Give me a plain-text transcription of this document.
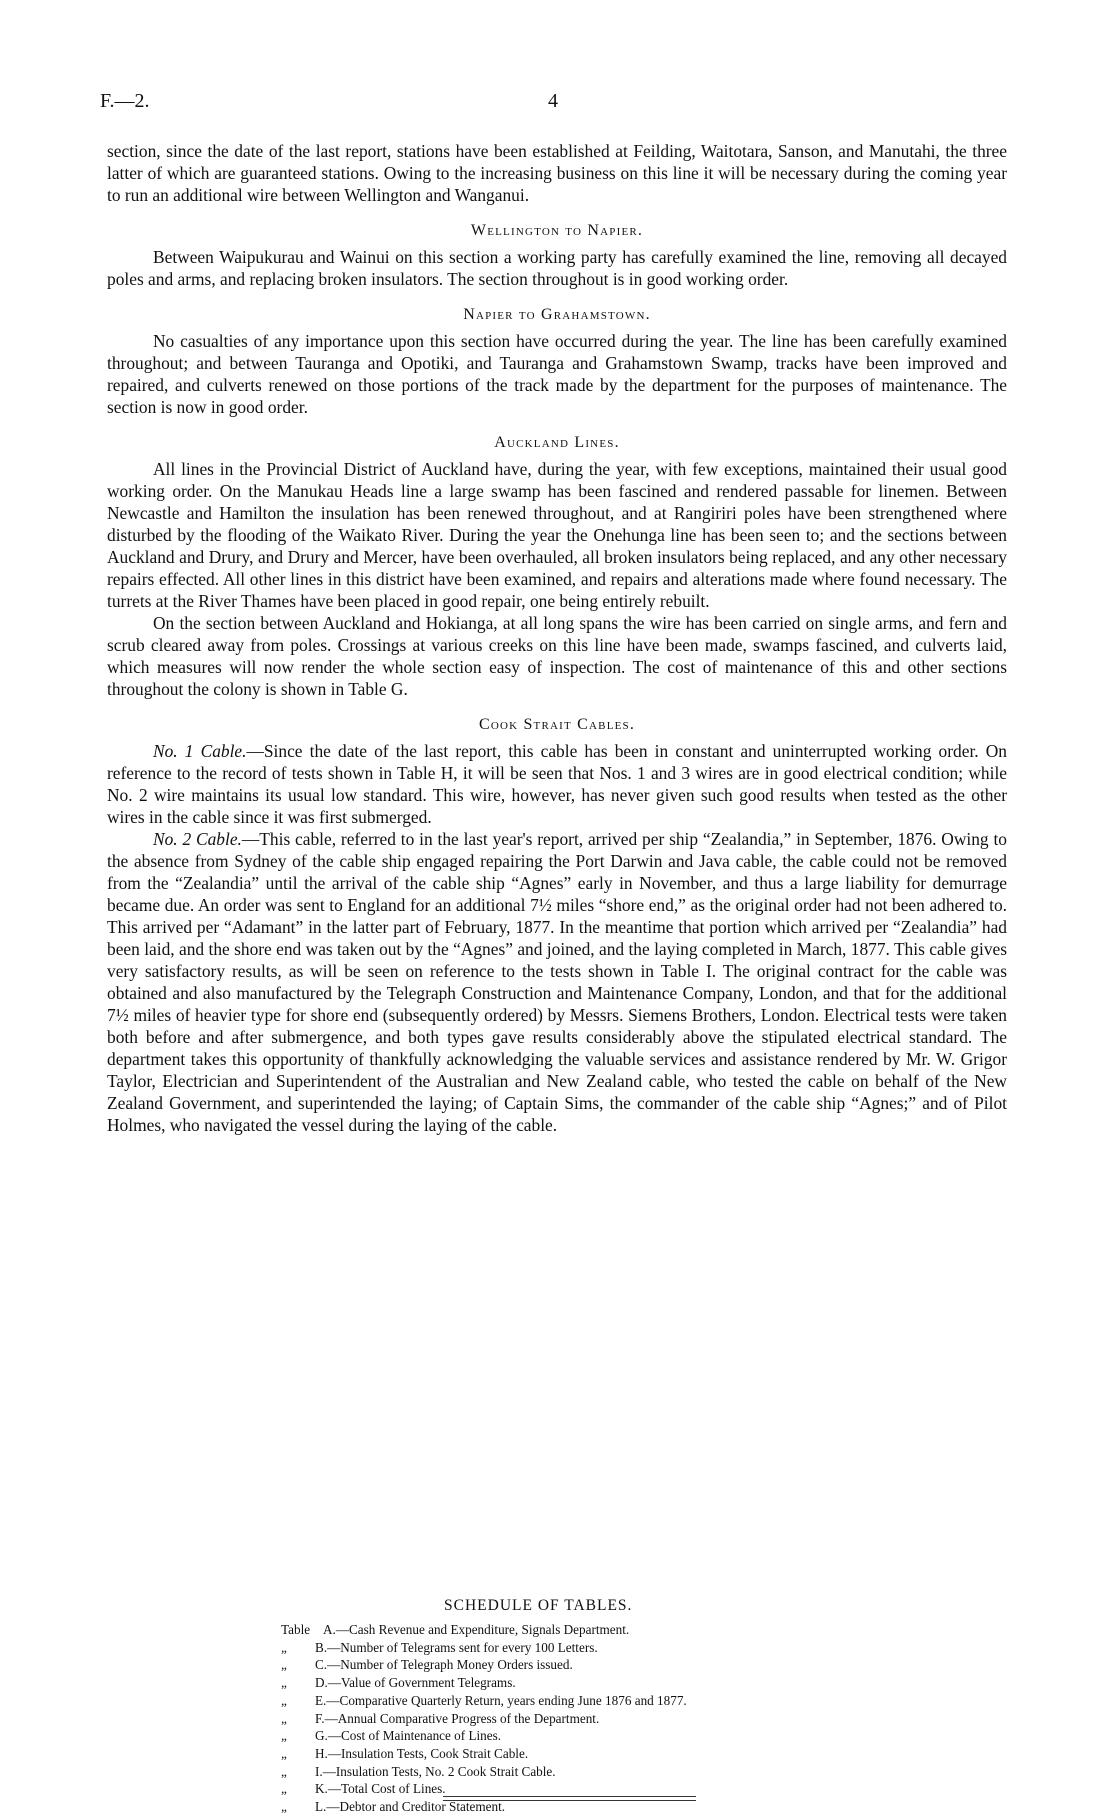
F.—2.	4

section, since the date of the last report, stations have been established at Feilding, Waitotara, Sanson, and Manutahi, the three latter of which are guaranteed stations. Owing to the increasing business on this line it will be necessary during the coming year to run an additional wire between Wellington and Wanganui.

Wellington to Napier.

Between Waipukurau and Wainui on this section a working party has carefully examined the line, removing all decayed poles and arms, and replacing broken insulators. The section throughout is in good working order.

Napier to Grahamstown.

No casualties of any importance upon this section have occurred during the year. The line has been carefully examined throughout; and between Tauranga and Opotiki, and Tauranga and Grahamstown Swamp, tracks have been improved and repaired, and culverts renewed on those portions of the track made by the department for the purposes of maintenance. The section is now in good order.

Auckland Lines.

All lines in the Provincial District of Auckland have, during the year, with few exceptions, maintained their usual good working order. On the Manukau Heads line a large swamp has been fascined and rendered passable for linemen. Between Newcastle and Hamilton the insulation has been renewed throughout, and at Rangiriri poles have been strengthened where disturbed by the flooding of the Waikato River. During the year the Onehunga line has been seen to; and the sections between Auckland and Drury, and Drury and Mercer, have been overhauled, all broken insulators being replaced, and any other necessary repairs effected. All other lines in this district have been examined, and repairs and alterations made where found necessary. The turrets at the River Thames have been placed in good repair, one being entirely rebuilt.

On the section between Auckland and Hokianga, at all long spans the wire has been carried on single arms, and fern and scrub cleared away from poles. Crossings at various creeks on this line have been made, swamps fascined, and culverts laid, which measures will now render the whole section easy of inspection. The cost of maintenance of this and other sections throughout the colony is shown in Table G.

Cook Strait Cables.

No. 1 Cable.—Since the date of the last report, this cable has been in constant and uninterrupted working order. On reference to the record of tests shown in Table H, it will be seen that Nos. 1 and 3 wires are in good electrical condition; while No. 2 wire maintains its usual low standard. This wire, however, has never given such good results when tested as the other wires in the cable since it was first submerged.

No. 2 Cable.—This cable, referred to in the last year's report, arrived per ship “Zealandia,” in September, 1876. Owing to the absence from Sydney of the cable ship engaged repairing the Port Darwin and Java cable, the cable could not be removed from the “Zealandia” until the arrival of the cable ship “Agnes” early in November, and thus a large liability for demurrage became due. An order was sent to England for an additional 7½ miles “shore end,” as the original order had not been adhered to. This arrived per “Adamant” in the latter part of February, 1877. In the meantime that portion which arrived per “Zealandia” had been laid, and the shore end was taken out by the “Agnes” and joined, and the laying completed in March, 1877. This cable gives very satisfactory results, as will be seen on reference to the tests shown in Table I. The original contract for the cable was obtained and also manufactured by the Telegraph Construction and Maintenance Company, London, and that for the additional 7½ miles of heavier type for shore end (subsequently ordered) by Messrs. Siemens Brothers, London. Electrical tests were taken both before and after submergence, and both types gave results considerably above the stipulated electrical standard. The department takes this opportunity of thankfully acknowledging the valuable services and assistance rendered by Mr. W. Grigor Taylor, Electrician and Superintendent of the Australian and New Zealand cable, who tested the cable on behalf of the New Zealand Government, and superintended the laying; of Captain Sims, the commander of the cable ship “Agnes;” and of Pilot Holmes, who navigated the vessel during the laying of the cable.

SCHEDULE OF TABLES.
Table A.—Cash Revenue and Expenditure, Signals Department.
„ B.—Number of Telegrams sent for every 100 Letters.
„ C.—Number of Telegraph Money Orders issued.
„ D.—Value of Government Telegrams.
„ E.—Comparative Quarterly Return, years ending June 1876 and 1877.
„ F.—Annual Comparative Progress of the Department.
„ G.—Cost of Maintenance of Lines.
„ H.—Insulation Tests, Cook Strait Cable.
„ I.—Insulation Tests, No. 2 Cook Strait Cable.
„ K.—Total Cost of Lines.
„ L.—Debtor and Creditor Statement.
